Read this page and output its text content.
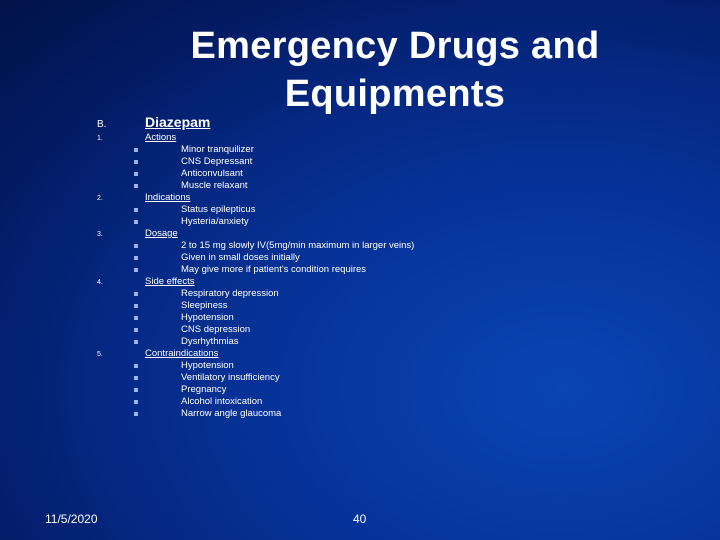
Emergency Drugs and
Equipments
B.	Diazepam
1.	Actions
Minor tranquilizer
CNS Depressant
Anticonvulsant
Muscle relaxant
2.	Indications
Status epilepticus
Hysteria/anxiety
3.	Dosage
2 to 15 mg slowly IV(5mg/min maximum in larger veins)
Given in small doses initially
May give more if patient's condition requires
4.	Side effects
Respiratory depression
Sleepiness
Hypotension
CNS depression
Dysrhythmias
5.	Contraindications
Hypotension
Ventilatory insufficiency
Pregnancy
Alcohol intoxication
Narrow angle glaucoma
11/5/2020	40
